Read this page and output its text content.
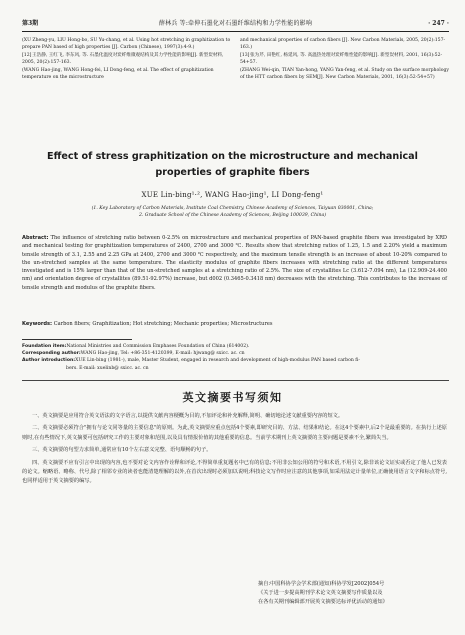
第3期	薛林兵 等:牵伸石墨化对石墨纤维结构和力学性能的影响	· 247 ·
(XU Zheng-yu, LIU Hong-bo, SU Yu-chang, et al. Using hot stretching in graphitization to prepare PAN based of high properties [J]. Carbon (Chinese), 1997(3):4-9.)
[12]王浩静, 王红飞, 李东风, 等. 石墨化温度对炭纤维微观结构及其力学性能的影响[J]. 新型炭材料, 2005, 20(2):157-163.
(WANG Hao-jing, WANG Hong-fei, LI Dong-feng, et al. The effect of graphitization temperature on the microstructure
and mechanical properties of carbon fibers [J]. New Carbon Materials, 2005, 20(2):157-163.)
[13]张为芹, 田艳红, 杨延风, 等. 高温热处理对炭纤维性能的影响[J]. 新型炭材料, 2001, 16(3):52-54+57.
(ZHANG Wei-qin, TIAN Yan-hong, YANG Yan-feng, et al. Study on the surface morphology of the HTT carbon fibers by SEM[J]. New Carbon Materials, 2001, 16(3):52-54+57)
Effect of stress graphitization on the microstructure and mechanical
properties of graphite fibers
XUE Lin-bing¹·², WANG Hao-jing¹, LI Dong-feng¹
(1. Key Laboratory of Carbon Materials, Institute Coal Chemistry, Chinese Academy of Sciences, Taiyuan 030001, China;
2. Graduate School of the Chinese Academy of Sciences, Beijing 100039, China)
Abstract: The influence of stretching ratio between 0-2.5% on microstructure and mechanical properties of PAN-based graphite fibers was investigated by XRD and mechanical testing for graphitization temperatures of 2400, 2700 and 3000 ℃. Results show that stretching ratios of 1.25, 1.5 and 2.20% yield a maximum tensile strength of 3.1, 2.55 and 2.25 GPa at 2400, 2700 and 3000 ℃ respectively, and the maximum tensile strength is an increase of about 10-20% compared to the un-stretched samples at the same temperature. The elasticity modulus of graphite fibers increases with stretching ratio at the different temperatures investigated and is 15% larger than that of the un-stretched samples at a stretching ratio of 2.5%. The size of crystallites Lc (3.612-7.094 nm), La (12.909-24.400 nm) and orientation degree of crystallites (89.51-92.97%) increase, but d002 (0.3465-0.3418 nm) decreases with the stretching. This contributes to the increase of tensile strength and modulus of the graphite fibers.
Keywords: Carbon fibers; Graphitization; Hot stretching; Mechanic properties; Microstructures
Foundation item:National Ministries and Commission Emphases Foundation of China (614002).
Corresponding author:WANG Hao-jing, Tel: +86-351-4120399, E-mail: hjwang@ sxicc. ac. cn
Author introduction:XUE Lin-bing (1981-), male, Master Student, engaged in research and development of high-modulus PAN based carbon fi-
bers. E-mail: xuelinb@ sxicc. ac. cn
英文摘要书写须知

一、英文摘要是应用符合英文语法的文字语言,以提供文献内容梗概为目的,不加评论和补充解释,简明、确切地论述文献重要内容的短文。

二、英文摘要必须符合"拥有与论文同等量的主要信息"的原则。为此,英文摘要应重点包括4个要素,即研究目的、方法、结果和结论。在这4个要素中,后2个是最重要的。在执行上述原则时,在有些情况下,英文摘要可包括研究工作的主要对象和范围,以及具有情报价值的其他重要的信息。当前学术期刊上英文摘要的主要问题是要素不全,繁简失当。

三、英文摘要的句型力求简单,通常应有10个左右意义完整、语句顺畅的句子。

四、英文摘要不应有引言中出现的内容,也不要对论文内容作诠释和评论,不得简单重复题名中已有的信息;不用非公知公用的符号和术语,不用引文,除非该论文证实或否定了他人已发表的论文。缩略语、略称、代号,除了相邻专业的读者也能清楚理解的以外,在首次出现时必须加以说明;科技论文写作时应注意的其他事项,如采用法定计量单位,正确使用语言文字和标点符号,也同样适用于英文摘要的编写。

摘自:中国科协学会学术部(通知)科协学发[2002]054号
《关于进一步提高期刊学术论文英文摘要写作质量以及
在各有关期刊编辑部开展英文摘要达标评优活动的通知》
